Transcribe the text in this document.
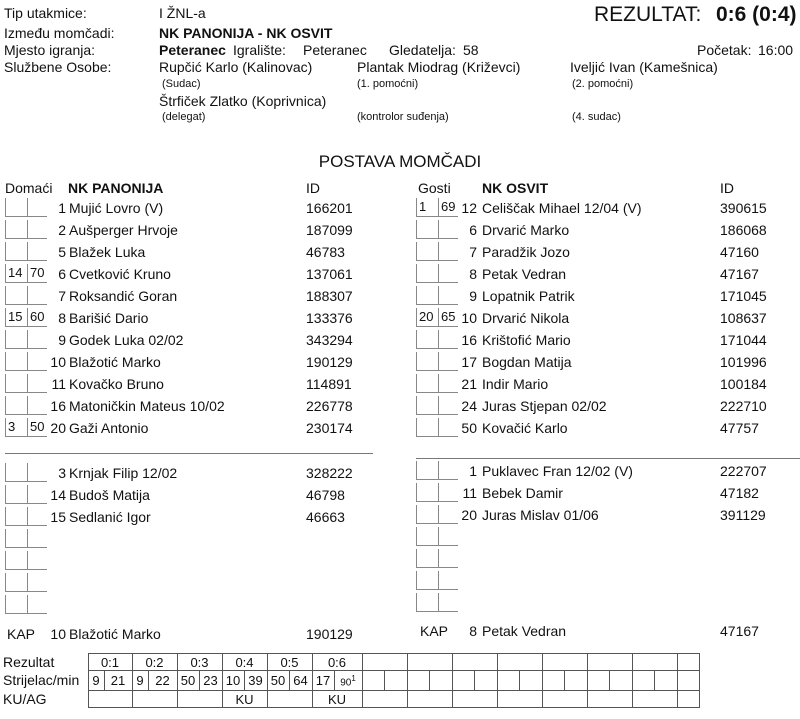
Tip utakmice:	I ŽNL-a	REZULTAT: 0:6 (0:4)
Između momčadi:	NK PANONIJA - NK OSVIT
Mjesto igranja:	Peteranec Igralište: Peteranec Gledatelja: 58	Početak: 16:00
Službene Osobe:	Rupčić Karlo (Kalinovac)
(Sudac)
Plantak Miodrag (Križevci)
(1. pomoćni)
Iveljić Ivan (Kamešnica)
(2. pomoćni)
Štrfiček Zlatko (Koprivnica)
(delegat)	(kontrolor suđenja)	(4. sudac)
POSTAVA MOMČADI
Domaći NK PANONIJA	ID	Gosti NK OSVIT	ID
1 Mujić Lovro (V)	166201
2 Aušperger Hrvoje	187099
5 Blažek Luka	46783
14 70 6 Cvetković Kruno	137061
7 Roksandić Goran	188307
15 60 8 Barišić Dario	133376
9 Godek Luka 02/02	343294
10 Blažotić Marko	190129
11 Kovačko Bruno	114891
16 Matoničkin Mateus 10/02	226778
3	50 20 Gaži Antonio	230174
1	69 12 Celiščak Mihael 12/04 (V)	390615
6 Drvarić Marko	186068
7 Paradžik Jozo	47160
8 Petak Vedran	47167
9 Lopatnik Patrik	171045
20 65 10 Drvarić Nikola	108637
16 Krištofić Mario	171044
17 Bogdan Matija	101996
21 Indir Mario	100184
24 Juras Stjepan 02/02	222710
50 Kovačić Karlo	47757
3 Krnjak Filip 12/02	328222
14 Budoš Matija	46798
15 Sedlanić Igor	46663
1 Puklavec Fran 12/02 (V)	222707
11 Bebek Damir	47182
20 Juras Mislav 01/06	391129
KAP 10 Blažotić Marko	190129	KAP	8 Petak Vedran	47167
Rezultat	0:1		0:2		0:3		0:4		0:5		0:6																
Strijelac/min	9	21	9	22	50	23	10	39	50	64	17	$90^1$															
KU/AG							KU				KU																
